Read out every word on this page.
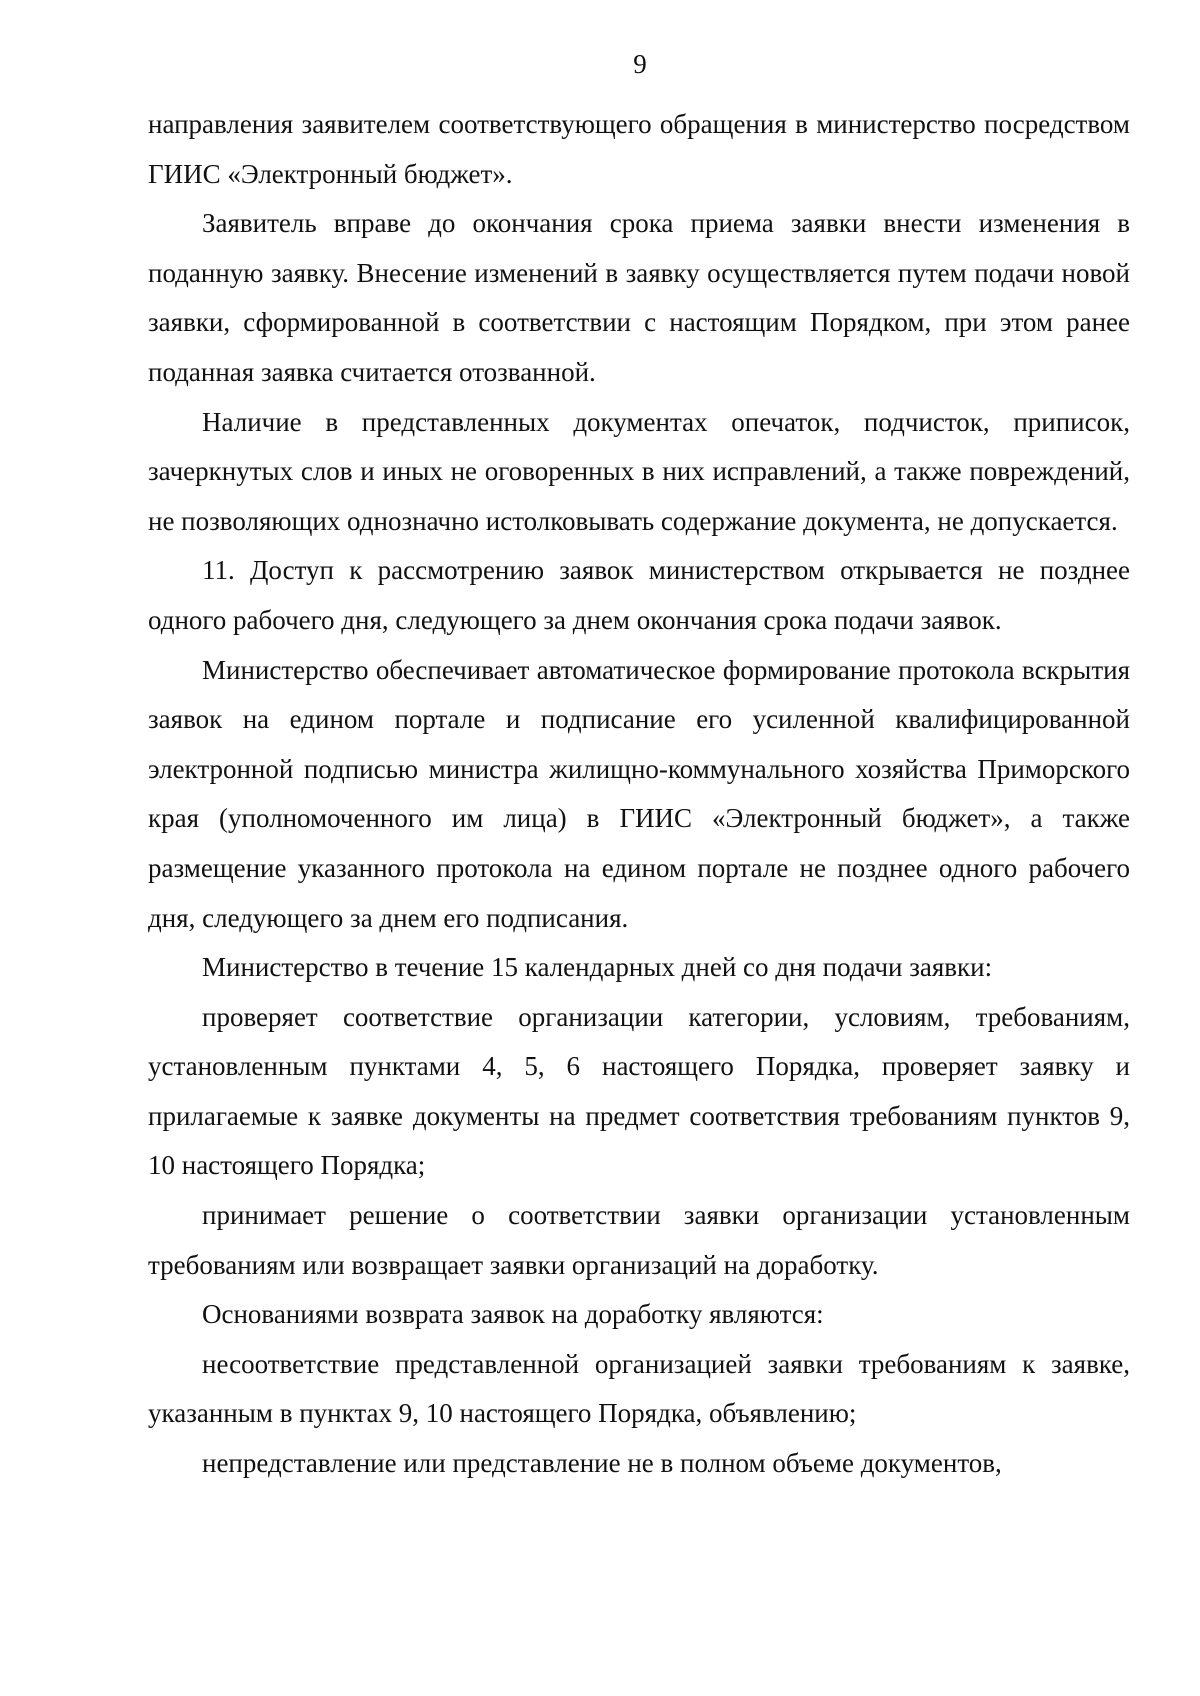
9

направления заявителем соответствующего обращения в министерство посредством ГИИС «Электронный бюджет».

Заявитель вправе до окончания срока приема заявки внести изменения в поданную заявку. Внесение изменений в заявку осуществляется путем подачи новой заявки, сформированной в соответствии с настоящим Порядком, при этом ранее поданная заявка считается отозванной.

Наличие в представленных документах опечаток, подчисток, приписок, зачеркнутых слов и иных не оговоренных в них исправлений, а также повреждений, не позволяющих однозначно истолковывать содержание документа, не допускается.

11. Доступ к рассмотрению заявок министерством открывается не позднее одного рабочего дня, следующего за днем окончания срока подачи заявок.

Министерство обеспечивает автоматическое формирование протокола вскрытия заявок на едином портале и подписание его усиленной квалифицированной электронной подписью министра жилищно-коммунального хозяйства Приморского края (уполномоченного им лица) в ГИИС «Электронный бюджет», а также размещение указанного протокола на едином портале не позднее одного рабочего дня, следующего за днем его подписания.

Министерство в течение 15 календарных дней со дня подачи заявки:

проверяет соответствие организации категории, условиям, требованиям, установленным пунктами 4, 5, 6 настоящего Порядка, проверяет заявку и прилагаемые к заявке документы на предмет соответствия требованиям пунктов 9, 10 настоящего Порядка;

принимает решение о соответствии заявки организации установленным требованиям или возвращает заявки организаций на доработку.

Основаниями возврата заявок на доработку являются:

несоответствие представленной организацией заявки требованиям к заявке, указанным в пунктах 9, 10 настоящего Порядка, объявлению;

непредставление или представление не в полном объеме документов,
